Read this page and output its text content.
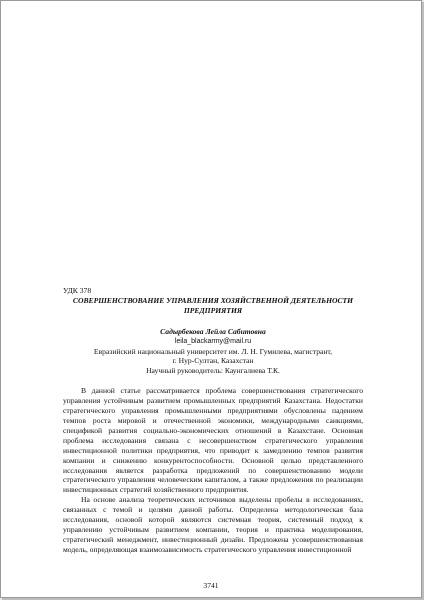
УДК 378

СОВЕРШЕНСТВОВАНИЕ УПРАВЛЕНИЯ ХОЗЯЙСТВЕННОЙ ДЕЯТЕЛЬНОСТИ ПРЕДПРИЯТИЯ

Садырбекова Лейла Сабитовна
leila_blackarmy@mail.ru
Евразийский национальный университет им. Л. Н. Гумилева, магистрант,
г. Нур-Султан, Казахстан
Научный руководитель: Каунгалиева Т.К.

В данной статье рассматривается проблема совершенствования стратегического управления устойчивым развитием промышленных предприятий Казахстана. Недостатки стратегического управления промышленными предприятиями обусловлены падением темпов роста мировой и отечественной экономики, международными санкциями, спецификой развития социально-экономических отношений в Казахстане. Основная проблема исследования связана с несовершенством стратегического управления инвестиционной политики предприятия, что приводит к замедлению темпов развития компании и снижению конкурентоспособности. Основной целью представленного исследования является разработка предложений по совершенствованию модели стратегического управления человеческим капиталом, а также предложения по реализации инвестиционных стратегий хозяйственного предприятия.

На основе анализа теоретических источников выделены пробелы в исследованиях, связанных с темой и целями данной работы. Определена методологическая база исследования, основой которой являются системная теория, системный подход к управлению устойчивым развитием компании, теория и практика моделирования, стратегический менеджмент, инвестиционный дизайн. Предложена усовершенствованная модель, определяющая взаимозависимость стратегического управления инвестиционной

3741
